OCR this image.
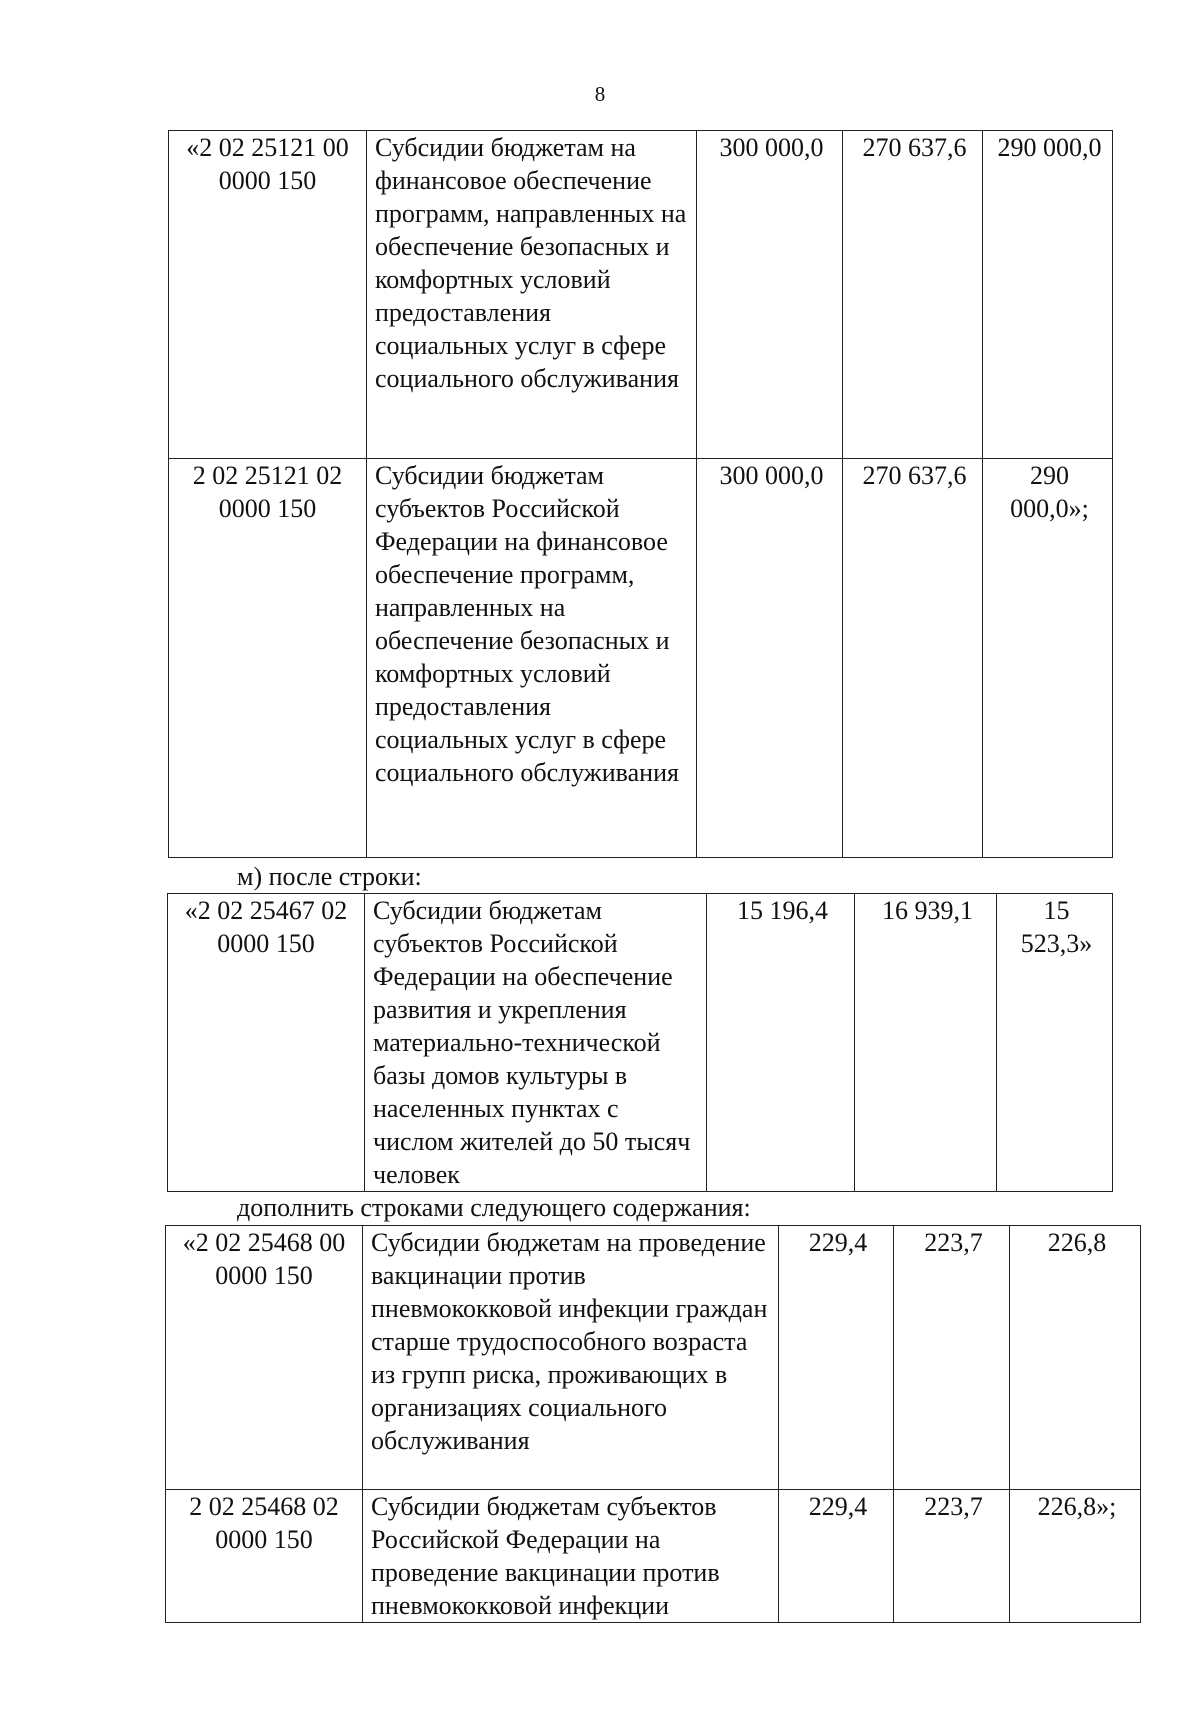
8
«2 02 25121 00 0000 150	Субсидии бюджетам на финансовое обеспечение программ, направленных на обеспечение безопасных и комфортных условий предоставления социальных услуг в сфере социального обслуживания	300 000,0	270 637,6	290 000,0
2 02 25121 02 0000 150	Субсидии бюджетам субъектов Российской Федерации на финансовое обеспечение программ, направленных на обеспечение безопасных и комфортных условий предоставления социальных услуг в сфере социального обслуживания	300 000,0	270 637,6	290 000,0»;
м) после строки:
«2 02 25467 02 0000 150	Субсидии бюджетам субъектов Российской Федерации на обеспечение развития и укрепления материально-технической базы домов культуры в населенных пунктах с числом жителей до 50 тысяч человек	15 196,4	16 939,1	15 523,3»
дополнить строками следующего содержания:
«2 02 25468 00 0000 150	Субсидии бюджетам на проведение вакцинации против пневмококковой инфекции граждан старше трудоспособного возраста из групп риска, проживающих в организациях социального обслуживания	229,4	223,7	226,8
2 02 25468 02 0000 150	Субсидии бюджетам субъектов Российской Федерации на проведение вакцинации против пневмококковой инфекции	229,4	223,7	226,8»;
